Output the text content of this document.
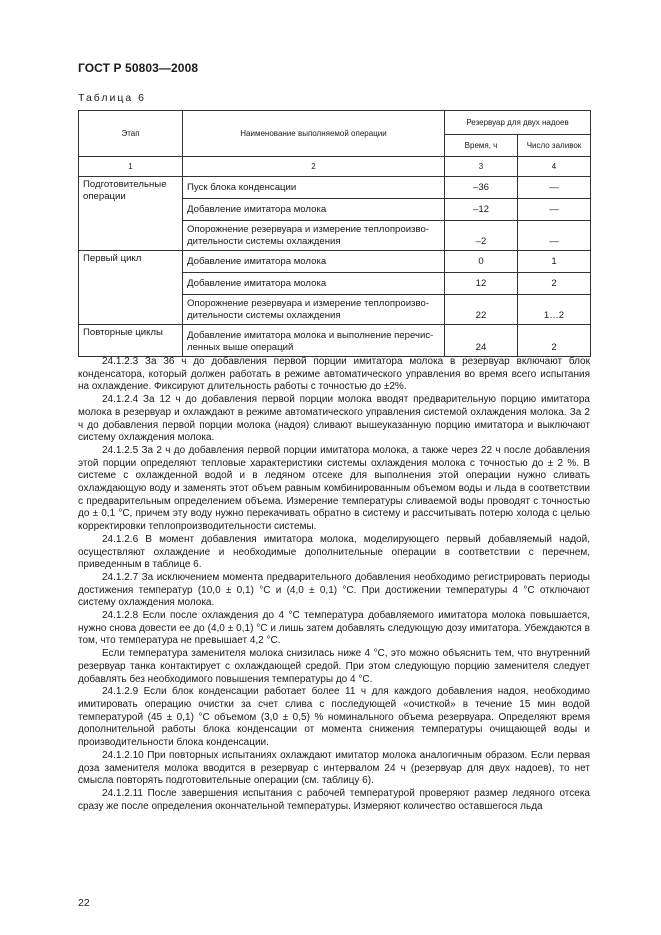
ГОСТ Р 50803—2008
Таблица 6
Этап	Наименование выполняемой операции	Резервуар для двух надоев	
		Время, ч	Число заливок
1	2	3	4
Подготовительные операции	Пуск блока конденсации	–36	—
	Добавление имитатора молока	–12	—
	Опорожнение резервуара и измерение теплопроизводительности системы охлаждения	–2	—
Первый цикл	Добавление имитатора молока	0	1
	Добавление имитатора молока	12	2
	Опорожнение резервуара и измерение теплопроизводительности системы охлаждения	22	1…2
Повторные циклы	Добавление имитатора молока и выполнение перечисленных выше операций	24	2

24.1.2.3 За 36 ч до добавления первой порции имитатора молока в резервуар включают блок конденсатора, который должен работать в режиме автоматического управления во время всего испытания на охлаждение. Фиксируют длительность работы с точностью до ±2%.

24.1.2.4 За 12 ч до добавления первой порции молока вводят предварительную порцию имитатора молока в резервуар и охлаждают в режиме автоматического управления системой охлаждения молока. За 2 ч до добавления первой порции молока (надоя) сливают вышеуказанную порцию имитатора и выключают систему охлаждения молока.

24.1.2.5 За 2 ч до добавления первой порции имитатора молока, а также через 22 ч после добавления этой порции определяют тепловые характеристики системы охлаждения молока с точностью до ± 2 %. В системе с охлажденной водой и в ледяном отсеке для выполнения этой операции нужно сливать охлаждающую воду и заменять этот объем равным комбинированным объемом воды и льда в соответствии с предварительным определением объема. Измерение температуры сливаемой воды проводят с точностью до ± 0,1 °С, причем эту воду нужно перекачивать обратно в систему и рассчитывать потерю холода с целью корректировки теплопроизводительности системы.

24.1.2.6 В момент добавления имитатора молока, моделирующего первый добавляемый надой, осуществляют охлаждение и необходимые дополнительные операции в соответствии с перечнем, приведенным в таблице 6.

24.1.2.7 За исключением момента предварительного добавления необходимо регистрировать периоды достижения температур (10,0 ± 0,1) °С и (4,0 ± 0,1) °С. При достижении температуры 4 °С отключают систему охлаждения молока.

24.1.2.8 Если после охлаждения до 4 °С температура добавляемого имитатора молока повышается, нужно снова довести ее до (4,0 ± 0,1) °С и лишь затем добавлять следующую дозу имитатора. Убеждаются в том, что температура не превышает 4,2 °С.

Если температура заменителя молока снизилась ниже 4 °С, это можно объяснить тем, что внутренний резервуар танка контактирует с охлаждающей средой. При этом следующую порцию заменителя следует добавлять без необходимого повышения температуры до 4 °С.

24.1.2.9 Если блок конденсации работает более 11 ч для каждого добавления надоя, необходимо имитировать операцию очистки за счет слива с последующей «очисткой» в течение 15 мин водой температурой (45 ± 0,1) °С объемом (3,0 ± 0,5) % номинального объема резервуара. Определяют время дополнительной работы блока конденсации от момента снижения температуры очищающей воды и производительности блока конденсации.

24.1.2.10 При повторных испытаниях охлаждают имитатор молока аналогичным образом. Если первая доза заменителя молока вводится в резервуар с интервалом 24 ч (резервуар для двух надоев), то нет смысла повторять подготовительные операции (см. таблицу 6).

24.1.2.11 После завершения испытания с рабочей температурой проверяют размер ледяного отсека сразу же после определения окончательной температуры. Измеряют количество оставшегося льда

22
